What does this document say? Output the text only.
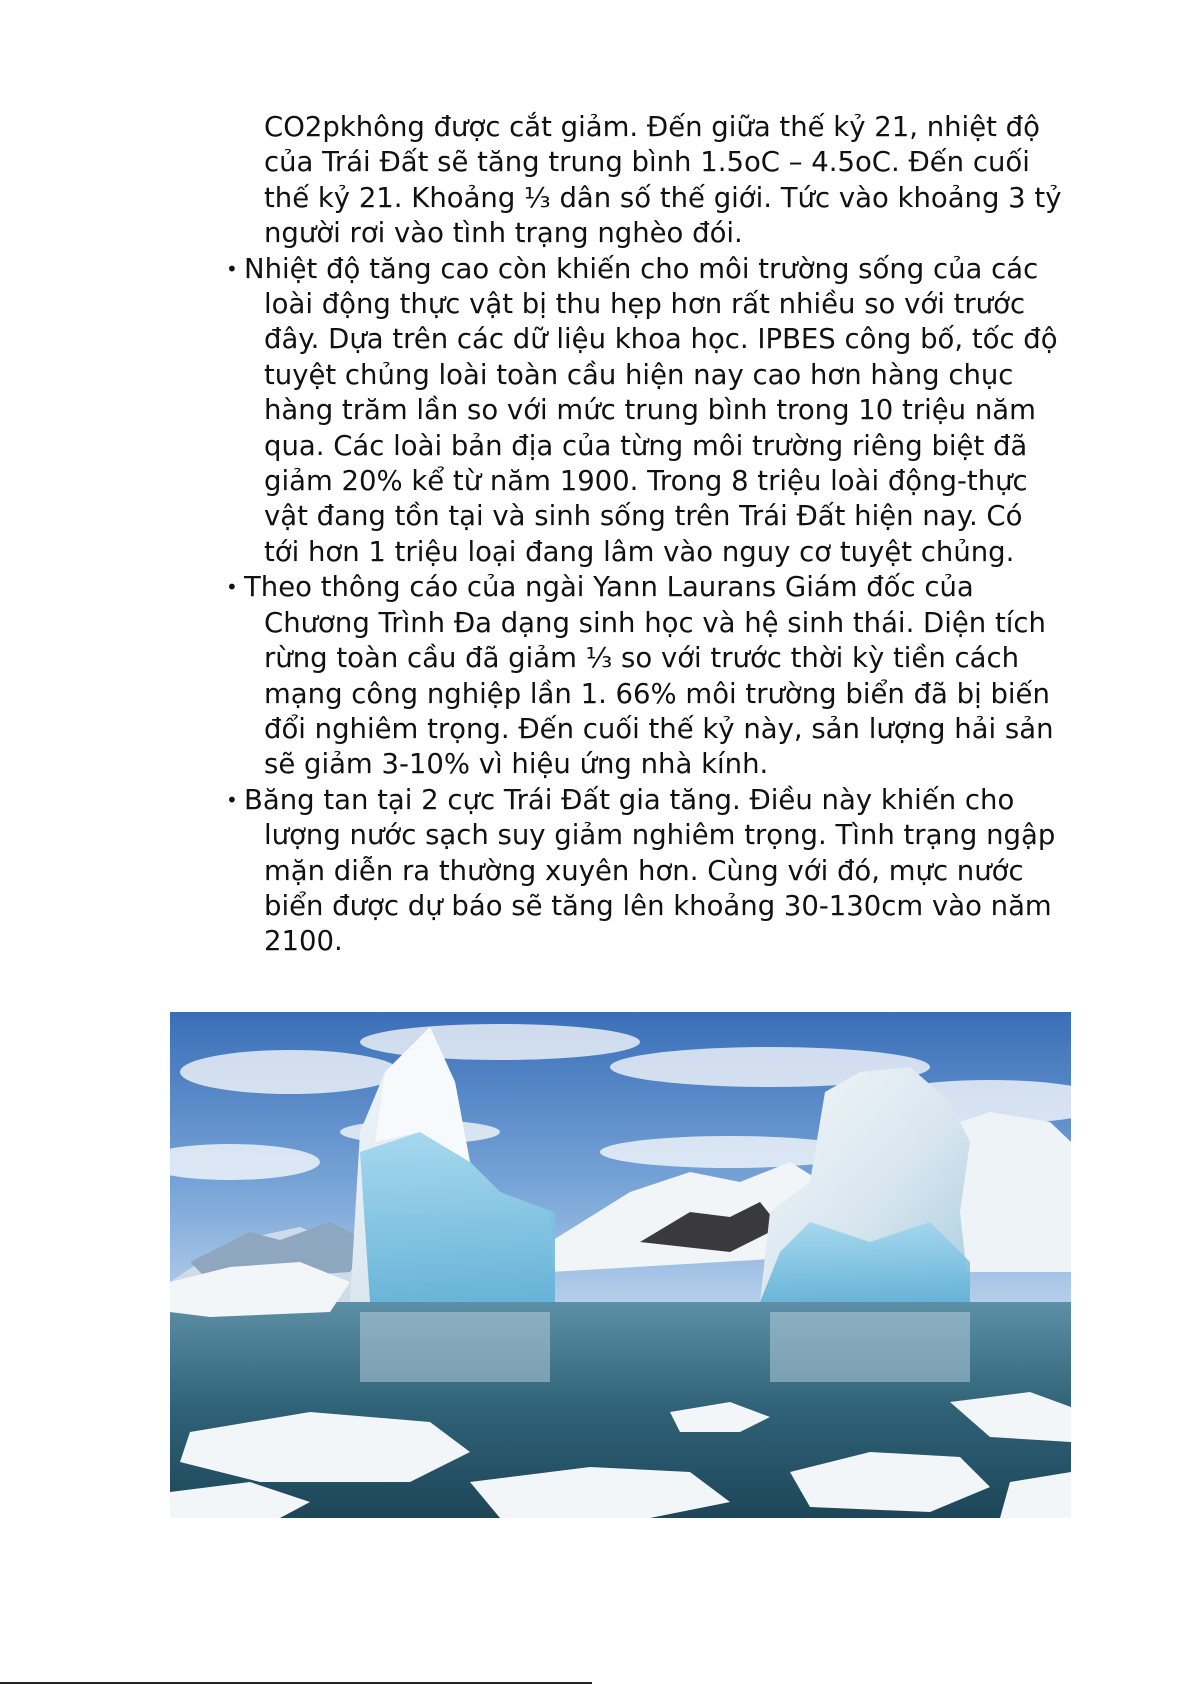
CO2pkhông được cắt giảm. Đến giữa thế kỷ 21, nhiệt độ
của Trái Đất sẽ tăng trung bình 1.5oC – 4.5oC. Đến cuối
thế kỷ 21. Khoảng ⅓ dân số thế giới. Tức vào khoảng 3 tỷ
người rơi vào tình trạng nghèo đói.
• Nhiệt độ tăng cao còn khiến cho môi trường sống của các
loài động thực vật bị thu hẹp hơn rất nhiều so với trước
đây. Dựa trên các dữ liệu khoa học. IPBES công bố, tốc độ
tuyệt chủng loài toàn cầu hiện nay cao hơn hàng chục
hàng trăm lần so với mức trung bình trong 10 triệu năm
qua. Các loài bản địa của từng môi trường riêng biệt đã
giảm 20% kể từ năm 1900. Trong 8 triệu loài động-thực
vật đang tồn tại và sinh sống trên Trái Đất hiện nay. Có
tới hơn 1 triệu loại đang lâm vào nguy cơ tuyệt chủng.
• Theo thông cáo của ngài Yann Laurans Giám đốc của
Chương Trình Đa dạng sinh học và hệ sinh thái. Diện tích
rừng toàn cầu đã giảm ⅓ so với trước thời kỳ tiền cách
mạng công nghiệp lần 1. 66% môi trường biển đã bị biến
đổi nghiêm trọng. Đến cuối thế kỷ này, sản lượng hải sản
sẽ giảm 3-10% vì hiệu ứng nhà kính.
• Băng tan tại 2 cực Trái Đất gia tăng. Điều này khiến cho
lượng nước sạch suy giảm nghiêm trọng. Tình trạng ngập
mặn diễn ra thường xuyên hơn. Cùng với đó, mực nước
biển được dự báo sẽ tăng lên khoảng 30-130cm vào năm
2100.
